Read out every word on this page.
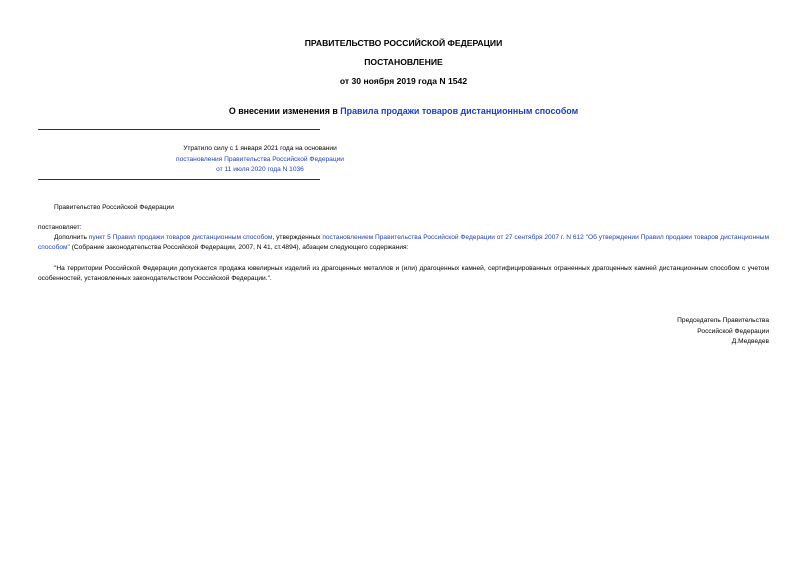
ПРАВИТЕЛЬСТВО РОССИЙСКОЙ ФЕДЕРАЦИИ
ПОСТАНОВЛЕНИЕ
от 30 ноября 2019 года N 1542
О внесении изменения в Правила продажи товаров дистанционным способом
Утратило силу с 1 января 2021 года на основании
постановления Правительства Российской Федерации
от 11 июля 2020 года N 1036
Правительство Российской Федерации
постановляет:
Дополнить пункт 5 Правил продажи товаров дистанционным способом, утвержденных постановлением Правительства Российской Федерации от 27 сентября 2007 г. N 612 "Об утверждении Правил продажи товаров дистанционным способом" (Собрание законодательства Российской Федерации, 2007, N 41, ст.4894), абзацем следующего содержания:
"На территории Российской Федерации допускается продажа ювелирных изделий из драгоценных металлов и (или) драгоценных камней, сертифицированных ограненных драгоценных камней дистанционным способом с учетом особенностей, установленных законодательством Российской Федерации.".
Председатель Правительства
Российской Федерации
Д.Медведев
